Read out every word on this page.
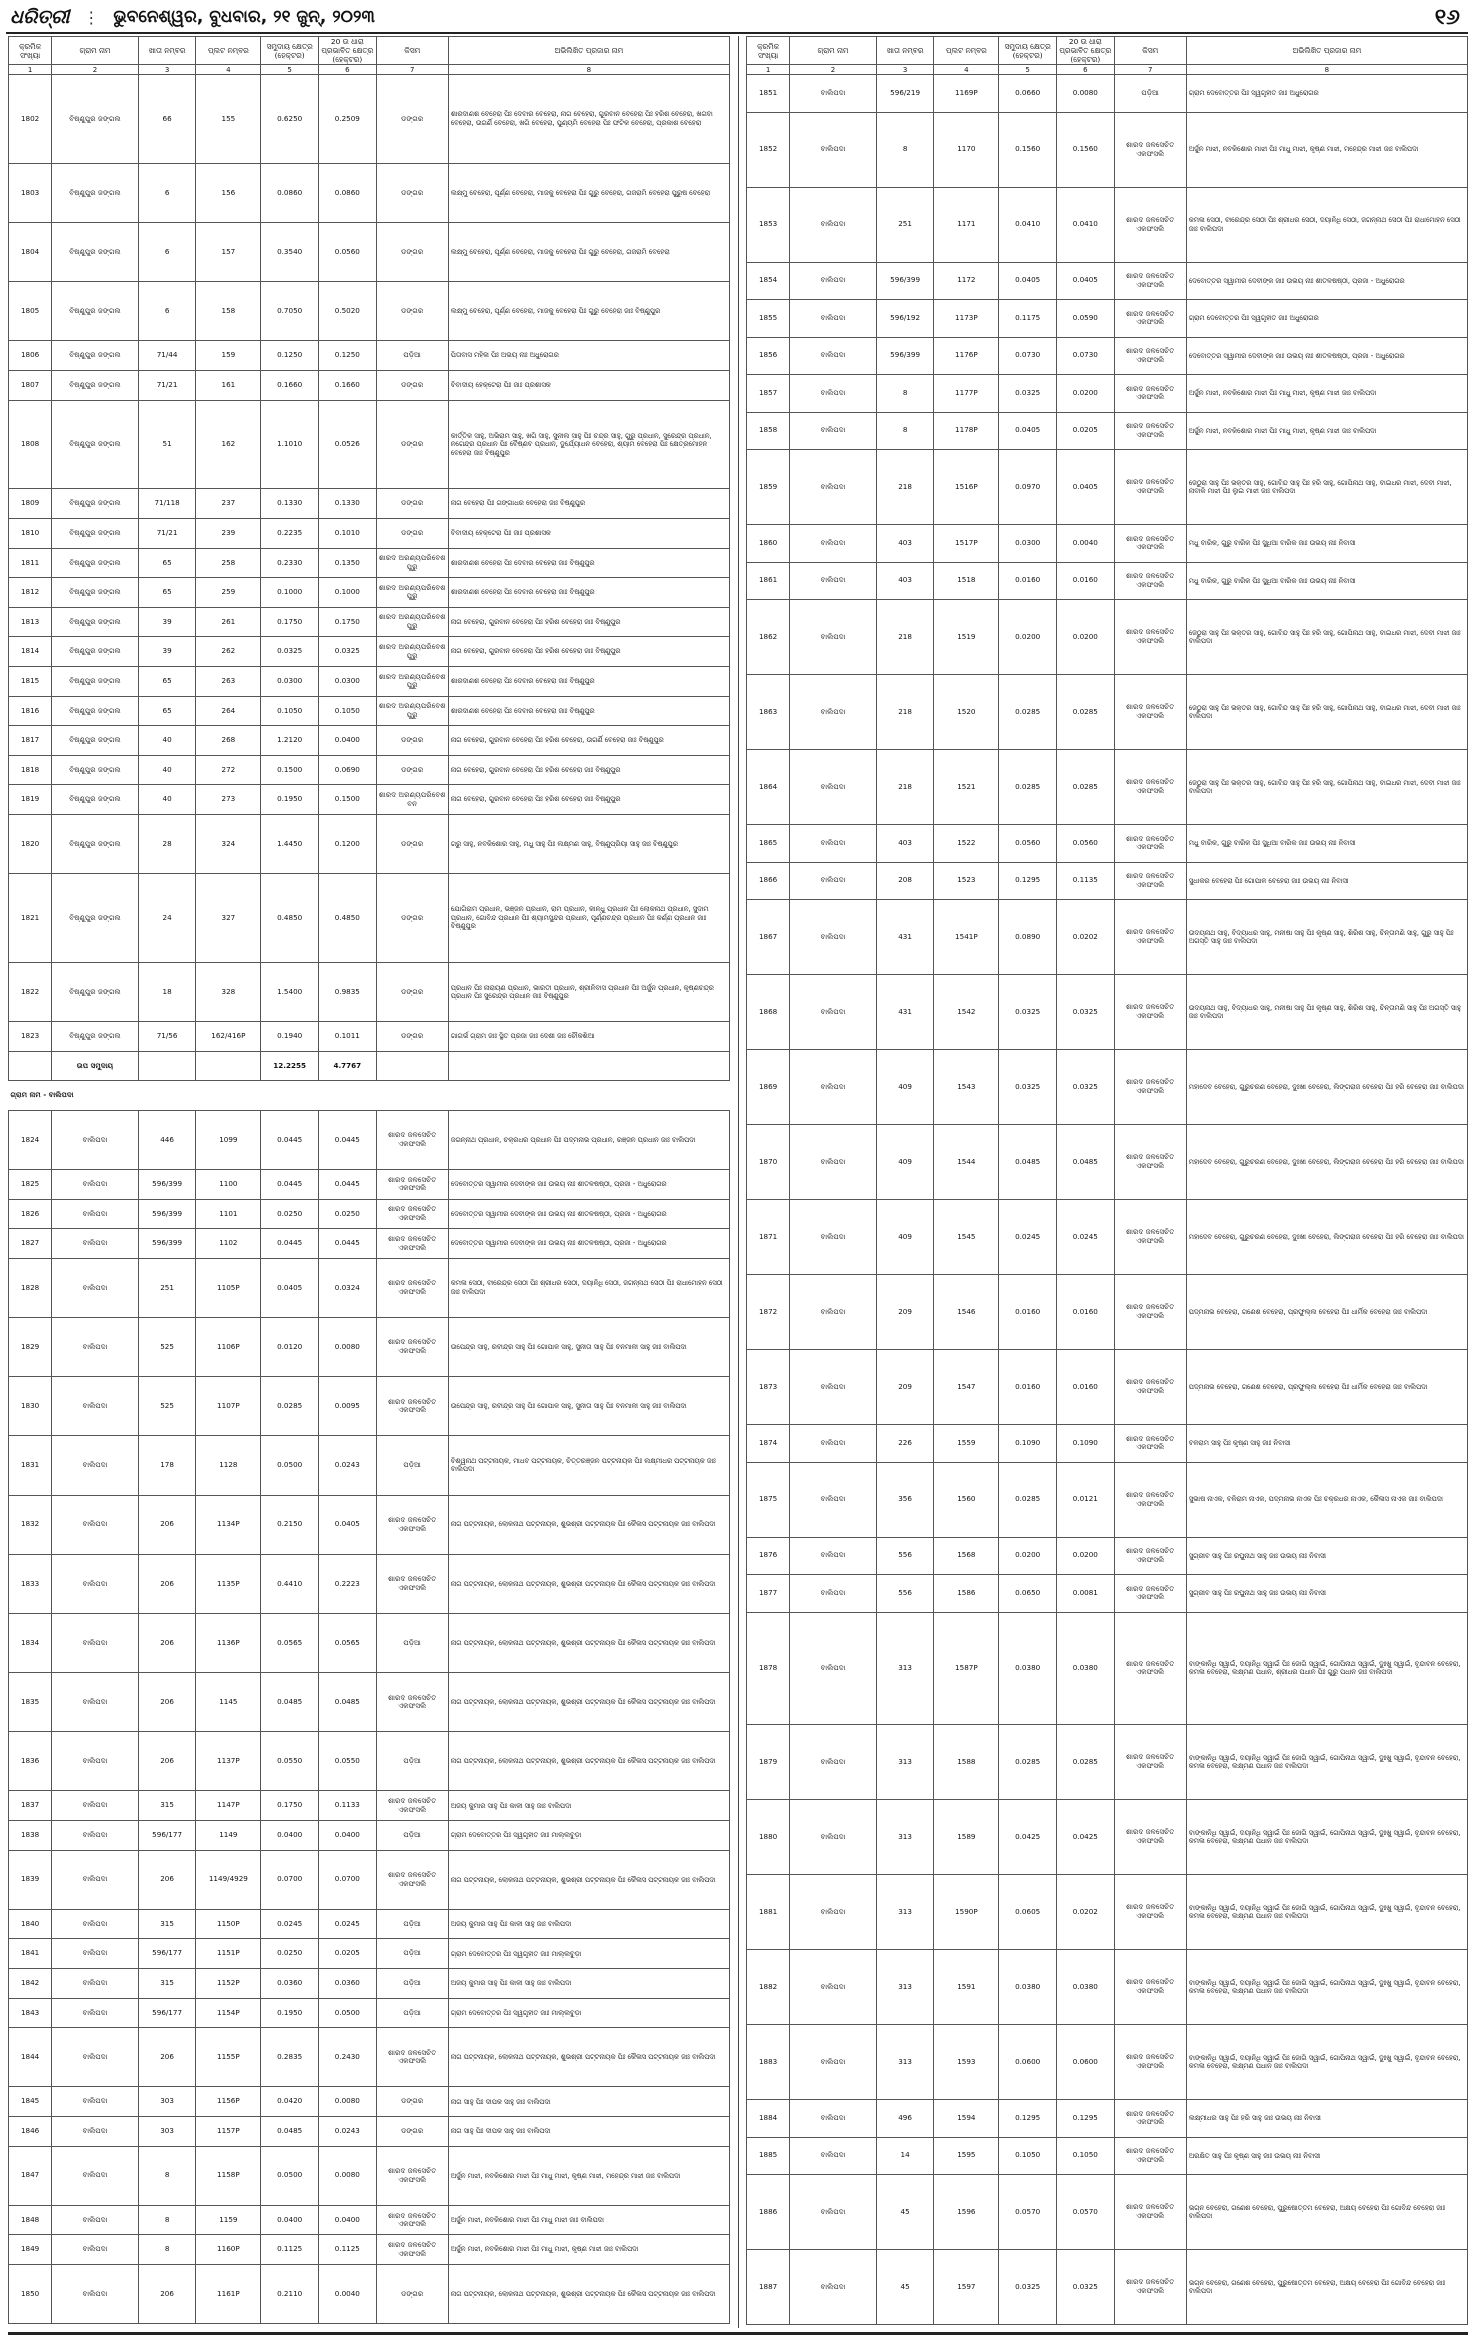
ଧରିତ୍ରୀ ⋮ ଭୁବନେଶ୍ୱର, ବୁଧବାର, ୨୧ ଜୁନ୍, ୨୦୨୩	୧୬
କ୍ରମିକ ସଂଖ୍ୟା	ଗ୍ରାମ ନାମ	ଖାତା ନମ୍ବର	ପ୍ଲଟ ନମ୍ବର	ସମୁଦାୟ କ୍ଷେତ୍ର (ହେକ୍ଟର)	20 ଉ ଧାରା ପ୍ରଭାବିତ କ୍ଷେତ୍ର (ହେକ୍ଟର)	କିସମ	ଅଭିଲିଖିତ ପ୍ରଜାର ନାମ
1	2	3	4	5	6	7	8
1802	ବିଷ୍ଣୁପୁର ଜଙ୍ଗଲ	66	155	0.6250	0.2509	ଡଙ୍ଗର	ଶାରଦାଣଶ ବେହେରା ପିଃ ଦେବାର ବେହେରା, ନାଗ ବେହେରା, ଗୁରବାନ ବେହେରା ପିଃ ହରିଶ ବେହେରା, ଖଗବା ବେହେରା, ଉଗର୍ଣି ବେହେରା, ଖଗି ବେହେରା, ପୁଣ୍ୟମି ବେହେରା ପିଃ ଫଟିକ ବେହେରା, ପ୍ରକାଶ ବେହେରା
1803	ବିଷ୍ଣୁପୁର ଜଙ୍ଗଲ	6	156	0.0860	0.0860	ଡଙ୍ଗର	ଲକ୍ଷ୍ମୁ ବେହେରା, ପୂର୍ଣ୍ଣ ବେହେରା, ମାଜକୁ ବେହେରା ପିଃ ଗୁରୁ ବେହେରା, ଗଜରାମି ବେହେରା ପୁରୁଷ ବେହେରା
1804	ବିଷ୍ଣୁପୁର ଜଙ୍ଗଲ	6	157	0.3540	0.0560	ଡଙ୍ଗର	ଲକ୍ଷ୍ମୁ ବେହେରା, ପୂର୍ଣ୍ଣ ବେହେରା, ମାଜକୁ ବେହେରା ପିଃ ଗୁରୁ ବେହେରା, ଗଜରାମି ବେହେରା
1805	ବିଷ୍ଣୁପୁର ଜଙ୍ଗଲ	6	158	0.7050	0.5020	ଡଙ୍ଗର	ଲକ୍ଷ୍ମୁ ବେହେରା, ପୂର୍ଣ୍ଣ ବେହେରା, ମାଜକୁ ବେହେରା ପିଃ ଗୁରୁ ବେହେରା ଜାଃ ବିଷ୍ଣୁପୁର
1806	ବିଷ୍ଣୁପୁର ଜଙ୍ଗଲ	71/44	159	0.1250	0.1250	ପଡ଼ିଆ	ପିତାବାସ ମହିଳା ପିଃ ଅଭୟ ନାଃ ଅଧୁରୋଗର
1807	ବିଷ୍ଣୁପୁର ଜଙ୍ଗଲ	71/21	161	0.1660	0.1660	ଡଙ୍ଗର	ବିବାଦୀୟ ହେକ୍ଟେରା ପିଃ ଜାଃ ପ୍ରଶାସକ
1808	ବିଷ୍ଣୁପୁର ଜଙ୍ଗଲ	51	162	1.1010	0.0526	ଡଙ୍ଗର	କାର୍ତ୍ତିକ ସାହୁ, ଅଭିରାମ ସାହୁ, ଖଗି ସାହୁ, ସୁନୀଲ ସାହୁ ପିଃ ଚନ୍ଦ୍ର ସାହୁ, ଗୁରୁ ପ୍ରଧାନ, ସୁରେନ୍ଦ୍ର ପ୍ରଧାନ, ନଗେନ୍ଦ୍ର ପ୍ରଧାନ ପିଃ ବୈଷ୍ଣବ ପ୍ରଧାନ, ଦୁର୍ଯ୍ୟୋଧନ ବେହେରା, ଶ୍ୟାମ ବେହେରା ପିଃ କ୍ଷେତ୍ରମୋହନ ବେହେରା ଜାଃ ବିଷ୍ଣୁପୁର
1809	ବିଷ୍ଣୁପୁର ଜଙ୍ଗଲ	71/118	237	0.1330	0.1330	ଡଙ୍ଗର	ନାଗ ବେହେରା ପିଃ ଗଙ୍ଗାଧର ବେହେରା ଜାଃ ବିଷ୍ଣୁପୁର
1810	ବିଷ୍ଣୁପୁର ଜଙ୍ଗଲ	71/21	239	0.2235	0.1010	ଡଙ୍ଗର	ବିବାଦୀୟ ହେକ୍ଟେରା ପିଃ ଜାଃ ପ୍ରଶାସକ
1811	ବିଷ୍ଣୁପୁର ଜଙ୍ଗଲ	65	258	0.2330	0.1350	ଶାରଦ ଅରଣ୍ୟପରିବେଶ ପୁରୁ	ଶାରଦାଣଶ ବେହେରା ପିଃ ଦେବାର ବେହେରା ଜାଃ ବିଷ୍ଣୁପୁର
1812	ବିଷ୍ଣୁପୁର ଜଙ୍ଗଲ	65	259	0.1000	0.1000	ଶାରଦ ଅରଣ୍ୟପରିବେଶ ପୁରୁ	ଶାରଦାଣଶ ବେହେରା ପିଃ ଦେବାର ବେହେରା ଜାଃ ବିଷ୍ଣୁପୁର
1813	ବିଷ୍ଣୁପୁର ଜଙ୍ଗଲ	39	261	0.1750	0.1750	ଶାରଦ ଅରଣ୍ୟପରିବେଶ ପୁରୁ	ନାଗ ବେହେରା, ଗୁରବାନ ବେହେରା ପିଃ ହରିଶ ବେହେରା ଜାଃ ବିଷ୍ଣୁପୁର
1814	ବିଷ୍ଣୁପୁର ଜଙ୍ଗଲ	39	262	0.0325	0.0325	ଶାରଦ ଅରଣ୍ୟପରିବେଶ ପୁରୁ	ନାଗ ବେହେରା, ଗୁରବାନ ବେହେରା ପିଃ ହରିଶ ବେହେରା ଜାଃ ବିଷ୍ଣୁପୁର
1815	ବିଷ୍ଣୁପୁର ଜଙ୍ଗଲ	65	263	0.0300	0.0300	ଶାରଦ ଅରଣ୍ୟପରିବେଶ ପୁରୁ	ଶାରଦାଣଶ ବେହେରା ପିଃ ଦେବାର ବେହେରା ଜାଃ ବିଷ୍ଣୁପୁର
1816	ବିଷ୍ଣୁପୁର ଜଙ୍ଗଲ	65	264	0.1050	0.1050	ଶାରଦ ଅରଣ୍ୟପରିବେଶ ପୁରୁ	ଶାରଦାଣଶ ବେହେରା ପିଃ ଦେବାର ବେହେରା ଜାଃ ବିଷ୍ଣୁପୁର
1817	ବିଷ୍ଣୁପୁର ଜଙ୍ଗଲ	40	268	1.2120	0.0400	ଡଙ୍ଗର	ନାଗ ବେହେରା, ଗୁରବାନ ବେହେରା ପିଃ ହରିଶ ବେହେରା, ଉଗର୍ଣି ବେହେରା ଜାଃ ବିଷ୍ଣୁପୁର
1818	ବିଷ୍ଣୁପୁର ଜଙ୍ଗଲ	40	272	0.1500	0.0690	ଡଙ୍ଗର	ନାଗ ବେହେରା, ଗୁରବାନ ବେହେରା ପିଃ ହରିଶ ବେହେରା ଜାଃ ବିଷ୍ଣୁପୁର
1819	ବିଷ୍ଣୁପୁର ଜଙ୍ଗଲ	40	273	0.1950	0.1500	ଶାରଦ ଅରଣ୍ୟପରିବେଶ ବନ	ନାଗ ବେହେରା, ଗୁରବାନ ବେହେରା ପିଃ ହରିଶ ବେହେରା ଜାଃ ବିଷ୍ଣୁପୁର
1820	ବିଷ୍ଣୁପୁର ଜଙ୍ଗଲ	28	324	1.4450	0.1200	ଡଙ୍ଗର	ଗରୁ ସାହୁ, ନବକିଶୋର ସାହୁ, ମଧୁ ସାହୁ ପିଃ ଲକ୍ଷ୍ମଣ ସାହୁ, ବିଷ୍ଣୁପ୍ରିୟା ସାହୁ ଜାଃ ବିଷ୍ଣୁପୁର
1821	ବିଷ୍ଣୁପୁର ଜଙ୍ଗଲ	24	327	0.4850	0.4850	ଡଙ୍ଗର	ଯୋଗିରାମ ପ୍ରଧାନ, ଭଞ୍ଜନ ପ୍ରଧାନ, ରାମ ପ୍ରଧାନ, କାନ୍ଧୁ ପ୍ରଧାନ ପିଃ ଲୋକନାଥ ପ୍ରଧାନ, ସୁଦାମ ପ୍ରଧାନ, ଗୋବିନ୍ଦ ପ୍ରଧାନ ପିଃ ଶ୍ୟାମସୁନ୍ଦର ପ୍ରଧାନ, ପୂର୍ଣ୍ଣଚନ୍ଦ୍ର ପ୍ରଧାନ ପିଃ କର୍ଣ୍ଣ ପ୍ରଧାନ ଜାଃ ବିଷ୍ଣୁପୁର
1822	ବିଷ୍ଣୁପୁର ଜଙ୍ଗଲ	18	328	1.5400	0.9835	ଡଙ୍ଗର	ପ୍ରଧାନ ପିଃ ନାରାୟଣ ପ୍ରଧାନ, ଭାରତୀ ପ୍ରଧାନ, ଶ୍ରୀନିବାସ ପ୍ରଧାନ ପିଃ ଅର୍ଜୁନ ପ୍ରଧାନ, କୃଷ୍ଣଚନ୍ଦ୍ର ପ୍ରଧାନ ପିଃ ସୁରେନ୍ଦ୍ର ପ୍ରଧାନ ଜାଃ ବିଷ୍ଣୁପୁର
1823	ବିଷ୍ଣୁପୁର ଜଙ୍ଗଲ	71/56	162/416P	0.1940	0.1011	ଡଙ୍ଗର	ଗାଗର୍ଭ ଗ୍ରାମ ଜାଃ ସ୍ଥିତ ପ୍ରଜା ଜାଃ ଦେଶୀ ଜାଃ ଚୌକଶିଆ
	ଉପ ସମୁଦାୟ			12.2255	4.7767		
ଗ୍ରାମ ନାମ - ବାଲିପଦା							
1824	ବାଲିପଦା	446	1099	0.0445	0.0445	ଶାରଦ ଜଳସେଚିତ ଏକଫସଲି	ଜଗନ୍ନାଥ ପ୍ରଧାନ, ଚକ୍ରଧର ପ୍ରଧାନ ପିଃ ପଦ୍ମନାଭ ପ୍ରଧାନ, ରଞ୍ଜନ ପ୍ରଧାନ ଜାଃ ବାଲିପଦା
1825	ବାଲିପଦା	596/399	1100	0.0445	0.0445	ଶାରଦ ଜଳସେଚିତ ଏକଫସଲି	ଦେବୋତ୍ତର ସ୍ୱାମୀର ଦେବୀଙ୍କ ଜାଃ ଉଭୟ ନାଃ ଶୀତଳଷଷ୍ଠୀ, ପ୍ରଜା - ଅଧୁରୋଗର
1826	ବାଲିପଦା	596/399	1101	0.0250	0.0250	ଶାରଦ ଜଳସେଚିତ ଏକଫସଲି	ଦେବୋତ୍ତର ସ୍ୱାମୀର ଦେବୀଙ୍କ ଜାଃ ଉଭୟ ନାଃ ଶୀତଳଷଷ୍ଠୀ, ପ୍ରଜା - ଅଧୁରୋଗର
1827	ବାଲିପଦା	596/399	1102	0.0445	0.0445	ଶାରଦ ଜଳସେଚିତ ଏକଫସଲି	ଦେବୋତ୍ତର ସ୍ୱାମୀର ଦେବୀଙ୍କ ଜାଃ ଉଭୟ ନାଃ ଶୀତଳଷଷ୍ଠୀ, ପ୍ରଜା - ଅଧୁରୋଗର
1828	ବାଲିପଦା	251	1105P	0.0405	0.0324	ଶାରଦ ଜଳସେଚିତ ଏକଫସଲି	କମଳା ସେଠୀ, ବୀରେନ୍ଦ୍ର ସେଠୀ ପିଃ ଶ୍ରୀଧର ସେଠୀ, ଦୟାନିଧି ସେଠୀ, ଜଗନ୍ନାଥ ସେଠୀ ପିଃ ରାଧାମୋହନ ସେଠୀ ଜାଃ ବାଲିପଦା
1829	ବାଲିପଦା	525	1106P	0.0120	0.0080	ଶାରଦ ଜଳସେଚିତ ଏକଫସଲି	ଉପେନ୍ଦ୍ର ସାହୁ, ରବୀନ୍ଦ୍ର ସାହୁ ପିଃ ଗୋପାଳ ସାହୁ, ସୁନୀତା ସାହୁ ପିଃ ବନମାଳୀ ସାହୁ ଜାଃ ବାଲିପଦା
1830	ବାଲିପଦା	525	1107P	0.0285	0.0095	ଶାରଦ ଜଳସେଚିତ ଏକଫସଲି	ଉପେନ୍ଦ୍ର ସାହୁ, ରବୀନ୍ଦ୍ର ସାହୁ ପିଃ ଗୋପାଳ ସାହୁ, ସୁନୀତା ସାହୁ ପିଃ ବନମାଳୀ ସାହୁ ଜାଃ ବାଲିପଦା
1831	ବାଲିପଦା	178	1128	0.0500	0.0243	ପଡ଼ିଆ	ବିଶ୍ୱନାଥ ପଟ୍ଟନାୟକ, ମାଧବ ପଟ୍ଟନାୟକ, ଚିତ୍ତରଞ୍ଜନ ପଟ୍ଟନାୟକ ପିଃ ଲକ୍ଷ୍ମୀଧର ପଟ୍ଟନାୟକ ଜାଃ ବାଲିପଦା
1832	ବାଲିପଦା	206	1134P	0.2150	0.0405	ଶାରଦ ଜଳସେଚିତ ଏକଫସଲି	ନାଗ ପଟ୍ଟନାୟକ, ଲୋକନାଥ ପଟ୍ଟନାୟକ, ଶୁଭଶ୍ରୀ ପଟ୍ଟନାୟକ ପିଃ କୈଳାସ ପଟ୍ଟନାୟକ ଜାଃ ବାଲିପଦା
1833	ବାଲିପଦା	206	1135P	0.4410	0.2223	ଶାରଦ ଜଳସେଚିତ ଏକଫସଲି	ନାଗ ପଟ୍ଟନାୟକ, ଲୋକନାଥ ପଟ୍ଟନାୟକ, ଶୁଭଶ୍ରୀ ପଟ୍ଟନାୟକ ପିଃ କୈଳାସ ପଟ୍ଟନାୟକ ଜାଃ ବାଲିପଦା
1834	ବାଲିପଦା	206	1136P	0.0565	0.0565	ପଡ଼ିଆ	ନାଗ ପଟ୍ଟନାୟକ, ଲୋକନାଥ ପଟ୍ଟନାୟକ, ଶୁଭଶ୍ରୀ ପଟ୍ଟନାୟକ ପିଃ କୈଳାସ ପଟ୍ଟନାୟକ ଜାଃ ବାଲିପଦା
1835	ବାଲିପଦା	206	1145	0.0485	0.0485	ଶାରଦ ଜଳସେଚିତ ଏକଫସଲି	ନାଗ ପଟ୍ଟନାୟକ, ଲୋକନାଥ ପଟ୍ଟନାୟକ, ଶୁଭଶ୍ରୀ ପଟ୍ଟନାୟକ ପିଃ କୈଳାସ ପଟ୍ଟନାୟକ ଜାଃ ବାଲିପଦା
1836	ବାଲିପଦା	206	1137P	0.0550	0.0550	ପଡ଼ିଆ	ନାଗ ପଟ୍ଟନାୟକ, ଲୋକନାଥ ପଟ୍ଟନାୟକ, ଶୁଭଶ୍ରୀ ପଟ୍ଟନାୟକ ପିଃ କୈଳାସ ପଟ୍ଟନାୟକ ଜାଃ ବାଲିପଦା
1837	ବାଲିପଦା	315	1147P	0.1750	0.1133	ଶାରଦ ଜଳସେଚିତ ଏକଫସଲି	ଅଜୟ କୁମାର ସାହୁ ପିଃ କାଳୀ ସାହୁ ଜାଃ ବାଲିପଦା
1838	ବାଲିପଦା	596/177	1149	0.0400	0.0400	ପଡ଼ିଆ	ଗ୍ରାମ ଦେବୋତ୍ତର ପିଃ ସ୍ୱଗୃହୀତ ଜାଃ ମାଲ୍ଲବୁଡ଼ା
1839	ବାଲିପଦା	206	1149/4929	0.0700	0.0700	ଶାରଦ ଜଳସେଚିତ ଏକଫସଲି	ନାଗ ପଟ୍ଟନାୟକ, ଲୋକନାଥ ପଟ୍ଟନାୟକ, ଶୁଭଶ୍ରୀ ପଟ୍ଟନାୟକ ପିଃ କୈଳାସ ପଟ୍ଟନାୟକ ଜାଃ ବାଲିପଦା
1840	ବାଲିପଦା	315	1150P	0.0245	0.0245	ପଡ଼ିଆ	ଅଜୟ କୁମାର ସାହୁ ପିଃ କାଳୀ ସାହୁ ଜାଃ ବାଲିପଦା
1841	ବାଲିପଦା	596/177	1151P	0.0250	0.0205	ପଡ଼ିଆ	ଗ୍ରାମ ଦେବୋତ୍ତର ପିଃ ସ୍ୱଗୃହୀତ ଜାଃ ମାଲ୍ଲବୁଡ଼ା
1842	ବାଲିପଦା	315	1152P	0.0360	0.0360	ପଡ଼ିଆ	ଅଜୟ କୁମାର ସାହୁ ପିଃ କାଳୀ ସାହୁ ଜାଃ ବାଲିପଦା
1843	ବାଲିପଦା	596/177	1154P	0.1950	0.0500	ପଡ଼ିଆ	ଗ୍ରାମ ଦେବୋତ୍ତର ପିଃ ସ୍ୱଗୃହୀତ ଜାଃ ମାଲ୍ଲବୁଡ଼ା
1844	ବାଲିପଦା	206	1155P	0.2835	0.2430	ଶାରଦ ଜଳସେଚିତ ଏକଫସଲି	ନାଗ ପଟ୍ଟନାୟକ, ଲୋକନାଥ ପଟ୍ଟନାୟକ, ଶୁଭଶ୍ରୀ ପଟ୍ଟନାୟକ ପିଃ କୈଳାସ ପଟ୍ଟନାୟକ ଜାଃ ବାଲିପଦା
1845	ବାଲିପଦା	303	1156P	0.0420	0.0080	ଡଙ୍ଗର	ନାଗ ସାହୁ ପିଃ ଦୀପକ ସାହୁ ଜାଃ ବାଲିପଦା
1846	ବାଲିପଦା	303	1157P	0.0485	0.0243	ଡଙ୍ଗର	ନାଗ ସାହୁ ପିଃ ଦୀପକ ସାହୁ ଜାଃ ବାଲିପଦା
1847	ବାଲିପଦା	8	1158P	0.0500	0.0080	ଶାରଦ ଜଳସେଚିତ ଏକଫସଲି	ଅର୍ଜୁନ ମାଝୀ, ନବକିଶୋର ମାଝୀ ପିଃ ମାଧୁ ମାଝୀ, କୃଷ୍ଣ ମାଝୀ, ମହେନ୍ଦ୍ର ମାଝୀ ଜାଃ ବାଲିପଦା
1848	ବାଲିପଦା	8	1159	0.0400	0.0400	ଶାରଦ ଜଳସେଚିତ ଏକଫସଲି	ଅର୍ଜୁନ ମାଝୀ, ନବକିଶୋର ମାଝୀ ପିଃ ମାଧୁ ମାଝୀ ଜାଃ ବାଲିପଦା
1849	ବାଲିପଦା	8	1160P	0.1125	0.1125	ଶାରଦ ଜଳସେଚିତ ଏକଫସଲି	ଅର୍ଜୁନ ମାଝୀ, ନବକିଶୋର ମାଝୀ ପିଃ ମାଧୁ ମାଝୀ, କୃଷ୍ଣ ମାଝୀ ଜାଃ ବାଲିପଦା
1850	ବାଲିପଦା	206	1161P	0.2110	0.0040	ଡଙ୍ଗର	ନାଗ ପଟ୍ଟନାୟକ, ଲୋକନାଥ ପଟ୍ଟନାୟକ, ଶୁଭଶ୍ରୀ ପଟ୍ଟନାୟକ ପିଃ କୈଳାସ ପଟ୍ଟନାୟକ ଜାଃ ବାଲିପଦା
କ୍ରମିକ ସଂଖ୍ୟା	ଗ୍ରାମ ନାମ	ଖାତା ନମ୍ବର	ପ୍ଲଟ ନମ୍ବର	ସମୁଦାୟ କ୍ଷେତ୍ର (ହେକ୍ଟର)	20 ଉ ଧାରା ପ୍ରଭାବିତ କ୍ଷେତ୍ର (ହେକ୍ଟର)	କିସମ	ଅଭିଲିଖିତ ପ୍ରଜାର ନାମ
1	2	3	4	5	6	7	8
1851	ବାଲିପଦା	596/219	1169P	0.0660	0.0080	ପଡ଼ିଆ	ଗ୍ରାମ ଦେବୋତ୍ତର ପିଃ ସ୍ୱଗୃହୀତ ଜାଃ ଅଧୁରୋଗର
1852	ବାଲିପଦା	8	1170	0.1560	0.1560	ଶାରଦ ଜଳସେଚିତ ଏକଫସଲି	ଅର୍ଜୁନ ମାଝୀ, ନବକିଶୋର ମାଝୀ ପିଃ ମାଧୁ ମାଝୀ, କୃଷ୍ଣ ମାଝୀ, ମହେନ୍ଦ୍ର ମାଝୀ ଜାଃ ବାଲିପଦା
1853	ବାଲିପଦା	251	1171	0.0410	0.0410	ଶାରଦ ଜଳସେଚିତ ଏକଫସଲି	କମଳା ସେଠୀ, ବୀରେନ୍ଦ୍ର ସେଠୀ ପିଃ ଶ୍ରୀଧର ସେଠୀ, ଦୟାନିଧି ସେଠୀ, ଜଗନ୍ନାଥ ସେଠୀ ପିଃ ରାଧାମୋହନ ସେଠୀ ଜାଃ ବାଲିପଦା
1854	ବାଲିପଦା	596/399	1172	0.0405	0.0405	ଶାରଦ ଜଳସେଚିତ ଏକଫସଲି	ଦେବୋତ୍ତର ସ୍ୱାମୀର ଦେବୀଙ୍କ ଜାଃ ଉଭୟ ନାଃ ଶୀତଳଷଷ୍ଠୀ, ପ୍ରଜା - ଅଧୁରୋଗର
1855	ବାଲିପଦା	596/192	1173P	0.1175	0.0590	ଶାରଦ ଜଳସେଚିତ ଏକଫସଲି	ଗ୍ରାମ ଦେବୋତ୍ତର ପିଃ ସ୍ୱଗୃହୀତ ଜାଃ ଅଧୁରୋଗର
1856	ବାଲିପଦା	596/399	1176P	0.0730	0.0730	ଶାରଦ ଜଳସେଚିତ ଏକଫସଲି	ଦେବୋତ୍ତର ସ୍ୱାମୀର ଦେବୀଙ୍କ ଜାଃ ଉଭୟ ନାଃ ଶୀତଳଷଷ୍ଠୀ, ପ୍ରଜା - ଅଧୁରୋଗର
1857	ବାଲିପଦା	8	1177P	0.0325	0.0200	ଶାରଦ ଜଳସେଚିତ ଏକଫସଲି	ଅର୍ଜୁନ ମାଝୀ, ନବକିଶୋର ମାଝୀ ପିଃ ମାଧୁ ମାଝୀ, କୃଷ୍ଣ ମାଝୀ ଜାଃ ବାଲିପଦା
1858	ବାଲିପଦା	8	1178P	0.0405	0.0205	ଶାରଦ ଜଳସେଚିତ ଏକଫସଲି	ଅର୍ଜୁନ ମାଝୀ, ନବକିଶୋର ମାଝୀ ପିଃ ମାଧୁ ମାଝୀ, କୃଷ୍ଣ ମାଝୀ ଜାଃ ବାଲିପଦା
1859	ବାଲିପଦା	218	1516P	0.0970	0.0405	ଶାରଦ ଜଳସେଚିତ ଏକଫସଲି	ଜେଠୁରା ସାହୁ ପିଃ ଭକ୍ତର ସାହୁ, ଗୋବିନ୍ଦ ସାହୁ ପିଃ ହରି ସାହୁ, ଗୋପିନାଥ ସାହୁ, ବାଇଧର ମାଝୀ, ଦେବୀ ମାଝୀ, ନାବାକି ମାଝୀ ପିଃ ଲୁଇ ମାଝୀ ଜାଃ ବାଲିପଦା
1860	ବାଲିପଦା	403	1517P	0.0300	0.0040	ଶାରଦ ଜଳସେଚିତ ଏକଫସଲି	ମଧୁ ବାରିକ, ଗୁରୁ ବାରିକ ପିଃ ସୁଧିଆ ବାରିକ ଜାଃ ଉଭୟ ନାଃ ନିବାସୀ
1861	ବାଲିପଦା	403	1518	0.0160	0.0160	ଶାରଦ ଜଳସେଚିତ ଏକଫସଲି	ମଧୁ ବାରିକ, ଗୁରୁ ବାରିକ ପିଃ ସୁଧିଆ ବାରିକ ଜାଃ ଉଭୟ ନାଃ ନିବାସୀ
1862	ବାଲିପଦା	218	1519	0.0200	0.0200	ଶାରଦ ଜଳସେଚିତ ଏକଫସଲି	ଜେଠୁରା ସାହୁ ପିଃ ଭକ୍ତର ସାହୁ, ଗୋବିନ୍ଦ ସାହୁ ପିଃ ହରି ସାହୁ, ଗୋପିନାଥ ସାହୁ, ବାଇଧର ମାଝୀ, ଦେବୀ ମାଝୀ ଜାଃ ବାଲିପଦା
1863	ବାଲିପଦା	218	1520	0.0285	0.0285	ଶାରଦ ଜଳସେଚିତ ଏକଫସଲି	ଜେଠୁରା ସାହୁ ପିଃ ଭକ୍ତର ସାହୁ, ଗୋବିନ୍ଦ ସାହୁ ପିଃ ହରି ସାହୁ, ଗୋପିନାଥ ସାହୁ, ବାଇଧର ମାଝୀ, ଦେବୀ ମାଝୀ ଜାଃ ବାଲିପଦା
1864	ବାଲିପଦା	218	1521	0.0285	0.0285	ଶାରଦ ଜଳସେଚିତ ଏକଫସଲି	ଜେଠୁରା ସାହୁ ପିଃ ଭକ୍ତର ସାହୁ, ଗୋବିନ୍ଦ ସାହୁ ପିଃ ହରି ସାହୁ, ଗୋପିନାଥ ସାହୁ, ବାଇଧର ମାଝୀ, ଦେବୀ ମାଝୀ ଜାଃ ବାଲିପଦା
1865	ବାଲିପଦା	403	1522	0.0560	0.0560	ଶାରଦ ଜଳସେଚିତ ଏକଫସଲି	ମଧୁ ବାରିକ, ଗୁରୁ ବାରିକ ପିଃ ସୁଧିଆ ବାରିକ ଜାଃ ଉଭୟ ନାଃ ନିବାସୀ
1866	ବାଲିପଦା	208	1523	0.1295	0.1135	ଶାରଦ ଜଳସେଚିତ ଏକଫସଲି	ସୁଧାକର ବେହେରା ପିଃ ଗୋପାଳ ବେହେରା ଜାଃ ଉଭୟ ନାଃ ନିବାସୀ
1867	ବାଲିପଦା	431	1541P	0.0890	0.0202	ଶାରଦ ଜଳସେଚିତ ଏକଫସଲି	ଉଦୟନାଥ ସାହୁ, ବିଦ୍ୟାଧର ସାହୁ, ମନୀଷା ସାହୁ ପିଃ କୃଷ୍ଣ ସାହୁ, ଶିରିଶ ସାହୁ, ଚିନ୍ତାମଣି ସାହୁ, ଗୁରୁ ସାହୁ ପିଃ ଅଗସ୍ତି ସାହୁ ଜାଃ ବାଲିପଦା
1868	ବାଲିପଦା	431	1542	0.0325	0.0325	ଶାରଦ ଜଳସେଚିତ ଏକଫସଲି	ଉଦୟନାଥ ସାହୁ, ବିଦ୍ୟାଧର ସାହୁ, ମନୀଷା ସାହୁ ପିଃ କୃଷ୍ଣ ସାହୁ, ଶିରିଶ ସାହୁ, ଚିନ୍ତାମଣି ସାହୁ ପିଃ ଅଗସ୍ତି ସାହୁ ଜାଃ ବାଲିପଦା
1869	ବାଲିପଦା	409	1543	0.0325	0.0325	ଶାରଦ ଜଳସେଚିତ ଏକଫସଲି	ମହାଦେବ ବେହେରା, ଗୁରୁଚରଣ ବେହେରା, ଦୁଃଖୀ ବେହେରା, ଲିଙ୍ଗରାଜ ବେହେରା ପିଃ ହରି ବେହେରା ଜାଃ ବାଲିପଦା
1870	ବାଲିପଦା	409	1544	0.0485	0.0485	ଶାରଦ ଜଳସେଚିତ ଏକଫସଲି	ମହାଦେବ ବେହେରା, ଗୁରୁଚରଣ ବେହେରା, ଦୁଃଖୀ ବେହେରା, ଲିଙ୍ଗରାଜ ବେହେରା ପିଃ ହରି ବେହେରା ଜାଃ ବାଲିପଦା
1871	ବାଲିପଦା	409	1545	0.0245	0.0245	ଶାରଦ ଜଳସେଚିତ ଏକଫସଲି	ମହାଦେବ ବେହେରା, ଗୁରୁଚରଣ ବେହେରା, ଦୁଃଖୀ ବେହେରା, ଲିଙ୍ଗରାଜ ବେହେରା ପିଃ ହରି ବେହେରା ଜାଃ ବାଲିପଦା
1872	ବାଲିପଦା	209	1546	0.0160	0.0160	ଶାରଦ ଜଳସେଚିତ ଏକଫସଲି	ପଦ୍ମନାଭ ବେହେରା, ଗଣେଶ ବେହେରା, ପ୍ରଫୁଲ୍ଲ ବେହେରା ପିଃ ଧାର୍ମିକ ବେହେରା ଜାଃ ବାଲିପଦା
1873	ବାଲିପଦା	209	1547	0.0160	0.0160	ଶାରଦ ଜଳସେଚିତ ଏକଫସଲି	ପଦ୍ମନାଭ ବେହେରା, ଗଣେଶ ବେହେରା, ପ୍ରଫୁଲ୍ଲ ବେହେରା ପିଃ ଧାର୍ମିକ ବେହେରା ଜାଃ ବାଲିପଦା
1874	ବାଲିପଦା	226	1559	0.1090	0.1090	ଶାରଦ ଜଳସେଚିତ ଏକଫସଲି	ବଳରାମ ସାହୁ ପିଃ କୃଷ୍ଣ ସାହୁ ଜାଃ ନିବାସୀ
1875	ବାଲିପଦା	356	1560	0.0285	0.0121	ଶାରଦ ଜଳସେଚିତ ଏକଫସଲି	ସୁଭାଷ ନାଏକ, ବଳିରାମ ନାଏକ, ପଦ୍ମନାଭ ନାଏକ ପିଃ ଚକ୍ରଧର ନାଏକ, କୈଳାସ ନାଏକ ଜାଃ ବାଲିପଦା
1876	ବାଲିପଦା	556	1568	0.0200	0.0200	ଶାରଦ ଜଳସେଚିତ ଏକଫସଲି	ସୁଗ୍ରୀବ ସାହୁ ପିଃ ରଘୁନାଥ ସାହୁ ଜାଃ ଉଭୟ ନାଃ ନିବାସୀ
1877	ବାଲିପଦା	556	1586	0.0650	0.0081	ଶାରଦ ଜଳସେଚିତ ଏକଫସଲି	ସୁଗ୍ରୀବ ସାହୁ ପିଃ ରଘୁନାଥ ସାହୁ ଜାଃ ଉଭୟ ନାଃ ନିବାସୀ
1878	ବାଲିପଦା	313	1587P	0.0380	0.0380	ଶାରଦ ଜଳସେଚିତ ଏକଫସଲି	ବାଙ୍କାନିଧି ସ୍ୱାଇଁ, ଦୟାନିଧି ସ୍ୱାଇଁ ପିଃ ଜୋଗି ସ୍ୱାଇଁ, ଗୋପିନାଥ ସ୍ୱାଇଁ, ଦୁଃଖୁ ସ୍ୱାଇଁ, ବୃନ୍ଦାବନ ବେହେରା, କମଳା ବେହେରା, ଲକ୍ଷ୍ମଣ ପଧାନ, ଶ୍ରୀଧର ପଧାନ ପିଃ ଗୁରୁ ପଧାନ ଜାଃ ବାଲିପଦା
1879	ବାଲିପଦା	313	1588	0.0285	0.0285	ଶାରଦ ଜଳସେଚିତ ଏକଫସଲି	ବାଙ୍କାନିଧି ସ୍ୱାଇଁ, ଦୟାନିଧି ସ୍ୱାଇଁ ପିଃ ଜୋଗି ସ୍ୱାଇଁ, ଗୋପିନାଥ ସ୍ୱାଇଁ, ଦୁଃଖୁ ସ୍ୱାଇଁ, ବୃନ୍ଦାବନ ବେହେରା, କମଳା ବେହେରା, ଲକ୍ଷ୍ମଣ ପଧାନ ଜାଃ ବାଲିପଦା
1880	ବାଲିପଦା	313	1589	0.0425	0.0425	ଶାରଦ ଜଳସେଚିତ ଏକଫସଲି	ବାଙ୍କାନିଧି ସ୍ୱାଇଁ, ଦୟାନିଧି ସ୍ୱାଇଁ ପିଃ ଜୋଗି ସ୍ୱାଇଁ, ଗୋପିନାଥ ସ୍ୱାଇଁ, ଦୁଃଖୁ ସ୍ୱାଇଁ, ବୃନ୍ଦାବନ ବେହେରା, କମଳା ବେହେରା, ଲକ୍ଷ୍ମଣ ପଧାନ ଜାଃ ବାଲିପଦା
1881	ବାଲିପଦା	313	1590P	0.0605	0.0202	ଶାରଦ ଜଳସେଚିତ ଏକଫସଲି	ବାଙ୍କାନିଧି ସ୍ୱାଇଁ, ଦୟାନିଧି ସ୍ୱାଇଁ ପିଃ ଜୋଗି ସ୍ୱାଇଁ, ଗୋପିନାଥ ସ୍ୱାଇଁ, ଦୁଃଖୁ ସ୍ୱାଇଁ, ବୃନ୍ଦାବନ ବେହେରା, କମଳା ବେହେରା, ଲକ୍ଷ୍ମଣ ପଧାନ ଜାଃ ବାଲିପଦା
1882	ବାଲିପଦା	313	1591	0.0380	0.0380	ଶାରଦ ଜଳସେଚିତ ଏକଫସଲି	ବାଙ୍କାନିଧି ସ୍ୱାଇଁ, ଦୟାନିଧି ସ୍ୱାଇଁ ପିଃ ଜୋଗି ସ୍ୱାଇଁ, ଗୋପିନାଥ ସ୍ୱାଇଁ, ଦୁଃଖୁ ସ୍ୱାଇଁ, ବୃନ୍ଦାବନ ବେହେରା, କମଳା ବେହେରା, ଲକ୍ଷ୍ମଣ ପଧାନ ଜାଃ ବାଲିପଦା
1883	ବାଲିପଦା	313	1593	0.0600	0.0600	ଶାରଦ ଜଳସେଚିତ ଏକଫସଲି	ବାଙ୍କାନିଧି ସ୍ୱାଇଁ, ଦୟାନିଧି ସ୍ୱାଇଁ ପିଃ ଜୋଗି ସ୍ୱାଇଁ, ଗୋପିନାଥ ସ୍ୱାଇଁ, ଦୁଃଖୁ ସ୍ୱାଇଁ, ବୃନ୍ଦାବନ ବେହେରା, କମଳା ବେହେରା, ଲକ୍ଷ୍ମଣ ପଧାନ ଜାଃ ବାଲିପଦା
1884	ବାଲିପଦା	496	1594	0.1295	0.1295	ଶାରଦ ଜଳସେଚିତ ଏକଫସଲି	ଲକ୍ଷ୍ମୀଧର ସାହୁ ପିଃ ହରି ସାହୁ ଜାଃ ଉଭୟ ନାଃ ନିବାସୀ
1885	ବାଲିପଦା	14	1595	0.1050	0.1050	ଶାରଦ ଜଳସେଚିତ ଏକଫସଲି	ଅରକ୍ଷିତ ସାହୁ ପିଃ କୃଷ୍ଣ ସାହୁ ଜାଃ ଉଭୟ ନାଃ ନିବାସୀ
1886	ବାଲିପଦା	45	1596	0.0570	0.0570	ଶାରଦ ଜଳସେଚିତ ଏକଫସଲି	ଭଗ୍ନ ବେହେରା, ଗଣେଶ ବେହେରା, ପୁରୁଷୋତ୍ତମ ବେହେରା, ଅକ୍ଷୟ ବେହେରା ପିଃ ଗୋବିନ୍ଦ ବେହେରା ଜାଃ ବାଲିପଦା
1887	ବାଲିପଦା	45	1597	0.0325	0.0325	ଶାରଦ ଜଳସେଚିତ ଏକଫସଲି	ଭଗ୍ନ ବେହେରା, ଗଣେଶ ବେହେରା, ପୁରୁଷୋତ୍ତମ ବେହେରା, ଅକ୍ଷୟ ବେହେରା ପିଃ ଗୋବିନ୍ଦ ବେହେରା ଜାଃ ବାଲିପଦା
